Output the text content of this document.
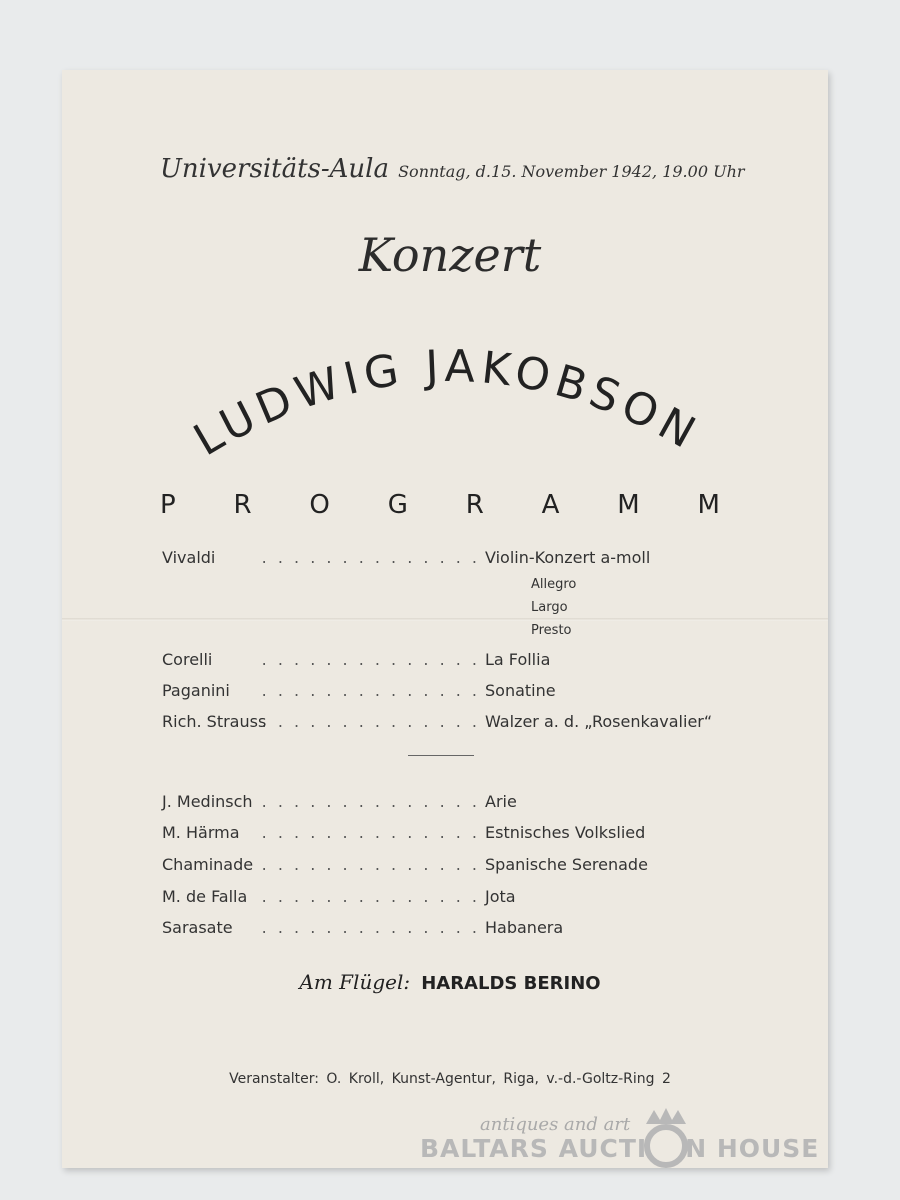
Universitäts-Aula Sonntag, d.15. November 1942, 19.00 Uhr
Konzert
LUDWIG JAKOBSON
P R O G R A M M
. . . . . . . . . . . . . .
Vivaldi	Violin-Konzert a-moll
. . . . . . . . . . . . . .
Corelli	La Follia
. . . . . . . . . . . . . .
Paganini	Sonatine
. . . . . . . . . . . . . .
Rich. Strauss	Walzer a. d. „Rosenkavalier“
. . . . . . . . . . . . . .
J. Medinsch	Arie
. . . . . . . . . . . . . .
M. Härma	Estnisches Volkslied
. . . . . . . . . . . . . .
Chaminade	Spanische Serenade
. . . . . . . . . . . . . .
M. de Falla	Jota
. . . . . . . . . . . . . .
Sarasate	Habanera
Allegro
Largo
Presto
Am Flügel: HARALDS BERINO
Veranstalter: O. Kroll, Kunst-Agentur, Riga, v.-d.-Goltz-Ring 2
antiques and art
BALTARS AUCTI N HOUSE
